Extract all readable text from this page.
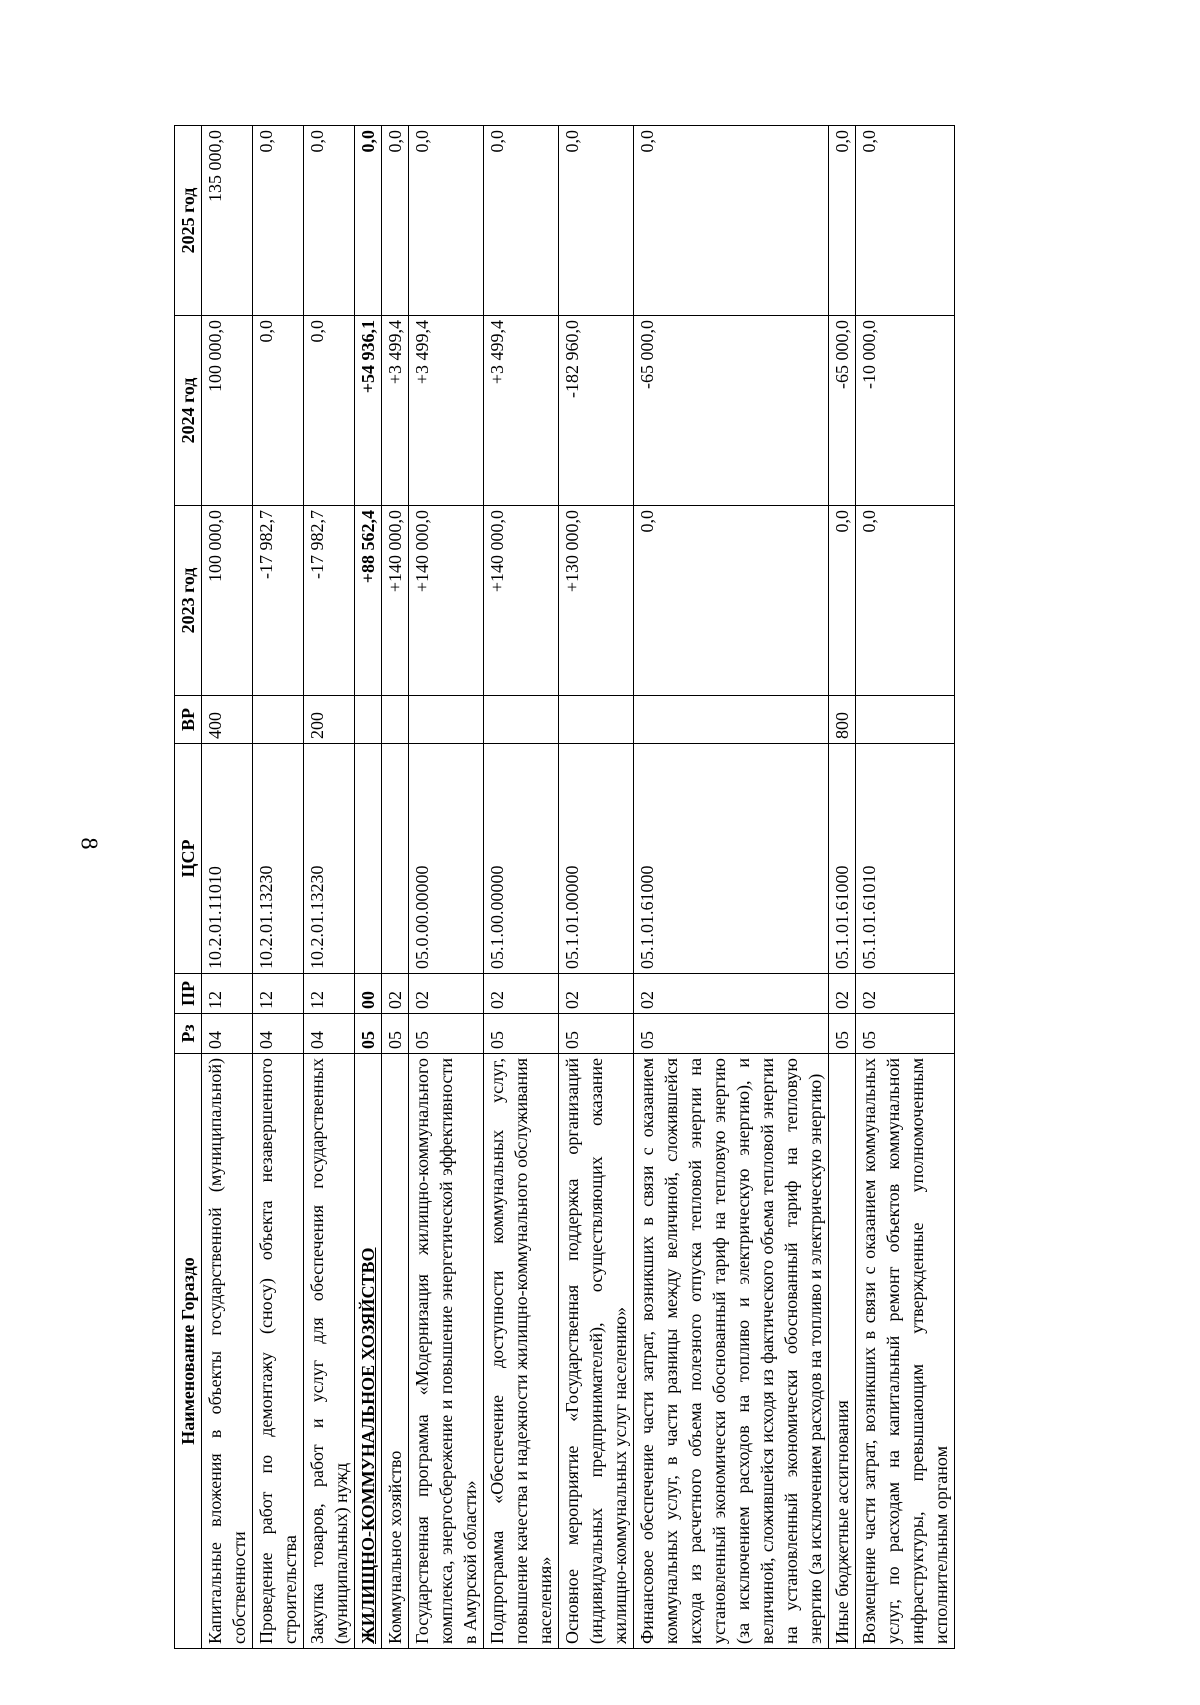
8
Наименование Гораздо	Рз	ПР	ЦСР	ВР	2023 год	2024 год	2025 год
Капитальные вложения в объекты государственной (муниципальной) собственности	04	12	10.2.01.11010	400	100 000,0	100 000,0	135 000,0
Проведение работ по демонтажу (сносу) объекта незавершенного строительства	04	12	10.2.01.13230		-17 982,7	0,0	0,0
Закупка товаров, работ и услуг для обеспечения государственных (муниципальных) нужд	04	12	10.2.01.13230	200	-17 982,7	0,0	0,0
ЖИЛИЩНО-КОММУНАЛЬНОЕ ХОЗЯЙСТВО	05	00			+88 562,4	+54 936,1	0,0
Коммунальное хозяйство	05	02			+140 000,0	+3 499,4	0,0
Государственная программа «Модернизация жилищно-коммунального комплекса, энергосбережение и повышение энергетической эффективности в Амурской области»	05	02	05.0.00.00000		+140 000,0	+3 499,4	0,0
Подпрограмма «Обеспечение доступности коммунальных услуг, повышение качества и надежности жилищно-коммунального обслуживания населения»	05	02	05.1.00.00000		+140 000,0	+3 499,4	0,0
Основное мероприятие «Государственная поддержка организаций (индивидуальных предпринимателей), осуществляющих оказание жилищно-коммунальных услуг населению»	05	02	05.1.01.00000		+130 000,0	-182 960,0	0,0
Финансовое обеспечение части затрат, возникших в связи с оказанием коммунальных услуг, в части разницы между величиной, сложившейся исхода из расчетного объема полезного отпуска тепловой энергии на установленный экономически обоснованный тариф на тепловую энергию (за исключением расходов на топливо и электрическую энергию), и величиной, сложившейся исходя из фактического объема тепловой энергии на установленный экономически обоснованный тариф на тепловую энергию (за исключением расходов на топливо и электрическую энергию)	05	02	05.1.01.61000		0,0	-65 000,0	0,0
Иные бюджетные ассигнования	05	02	05.1.01.61000	800	0,0	-65 000,0	0,0
Возмещение части затрат, возникших в связи с оказанием коммунальных услуг, по расходам на капитальный ремонт объектов коммунальной инфраструктуры, превышающим утвержденные уполномоченным исполнительным органом	05	02	05.1.01.61010		0,0	-10 000,0	0,0
